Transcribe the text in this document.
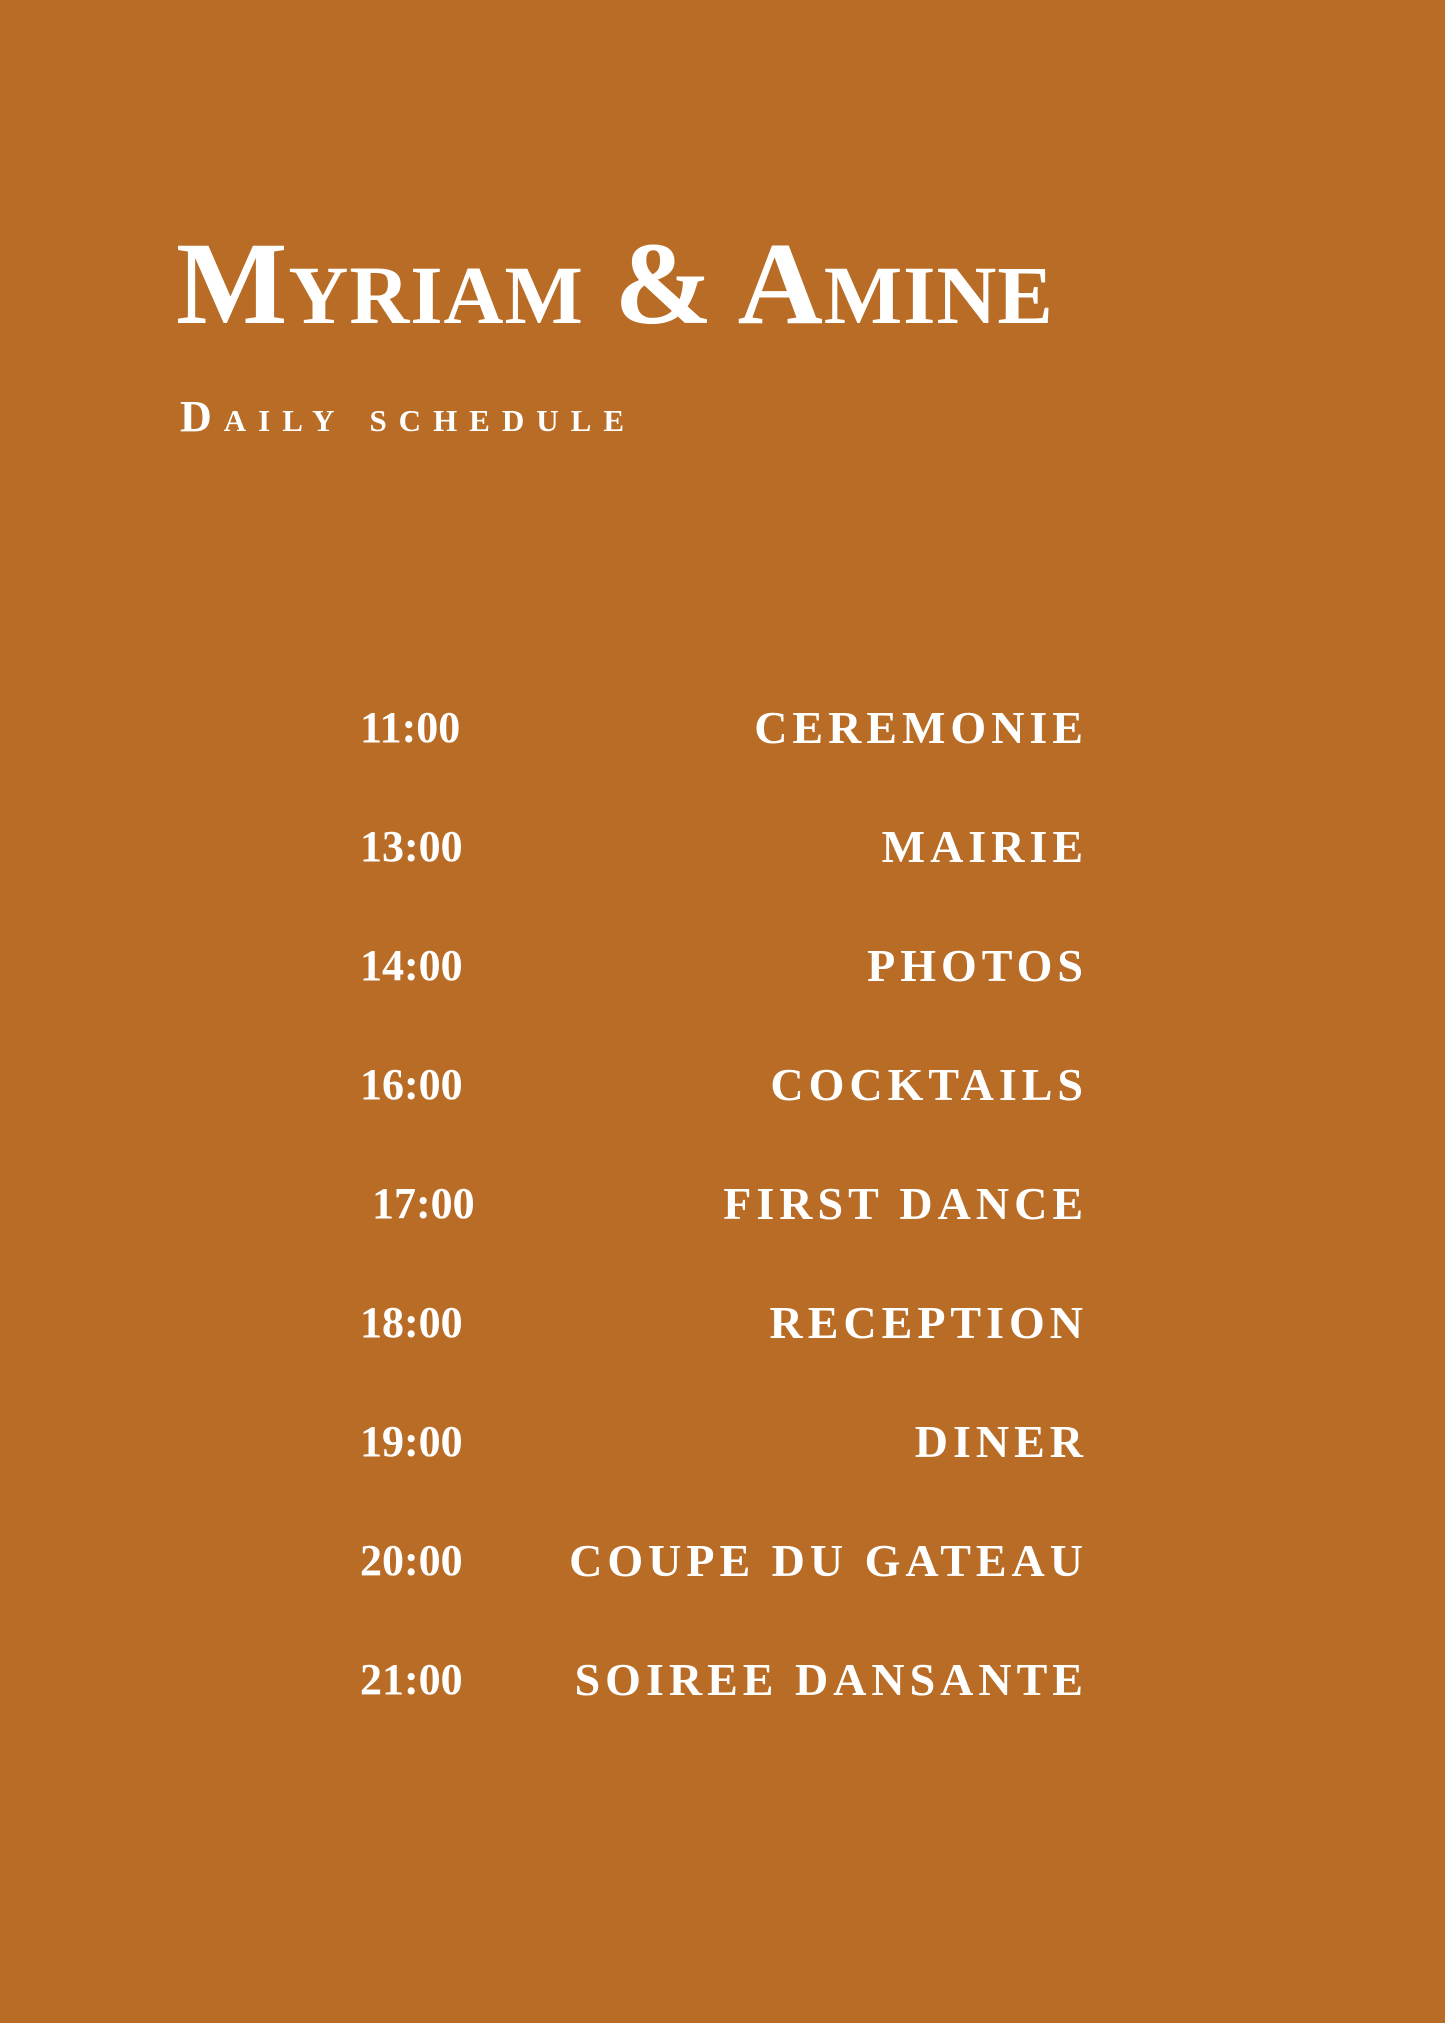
Myriam & Amine
Daily schedule
11:00	CEREMONIE
13:00	MAIRIE
14:00	PHOTOS
16:00	COCKTAILS
17:00	FIRST DANCE
18:00	RECEPTION
19:00	DINER
20:00 COUPE DU GATEAU
21:00 SOIREE DANSANTE
